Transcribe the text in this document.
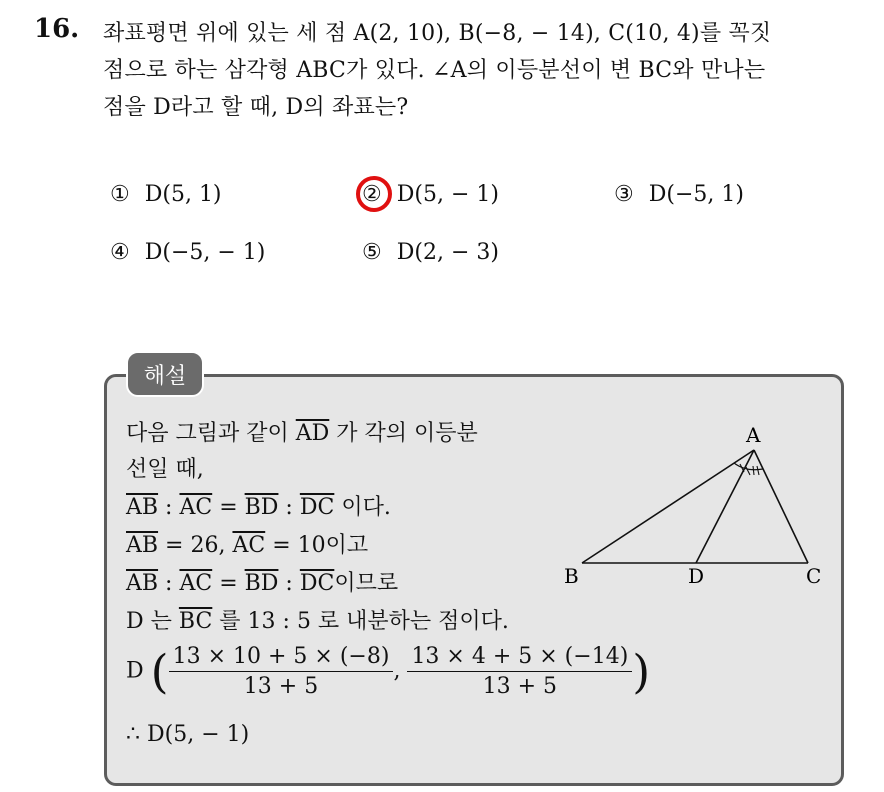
16. 좌표평면 위에 있는 세 점 A(2, 10), B(−8, − 14), C(10, 4)를 꼭짓
점으로 하는 삼각형 ABC가 있다. ∠A의 이등분선이 변 BC와 만나는
점을 D라고 할 때, D의 좌표는?
① D(5, 1)	② D(5, − 1)	③ D(−5, 1)
④ D(−5, − 1)	⑤ D(2, − 3)
해설
다음 그림과 같이 $\overline{AD}$ 가 각의 이등분
선일 때,
$\overline{AB}$ : $\overline{AC} = \overline{BD}$ : $\overline{DC}$ 이다.
$\overline{AB} = 26$, $\overline{AC} = 10$이고
$\overline{AB}$ : $\overline{AC} = \overline{BD}$ : $\overline{DC}$이므로
D 는 $\overline{BC}$ 를 13 : 5 로 내분하는 점이다.
D ( $\frac{13 \times 10 + 5 \times (-8)}{13 + 5}$ , $\frac{13 \times 4 + 5 \times (-14)}{13 + 5}$ )
∴ D(5, − 1)
A
B	D	C
